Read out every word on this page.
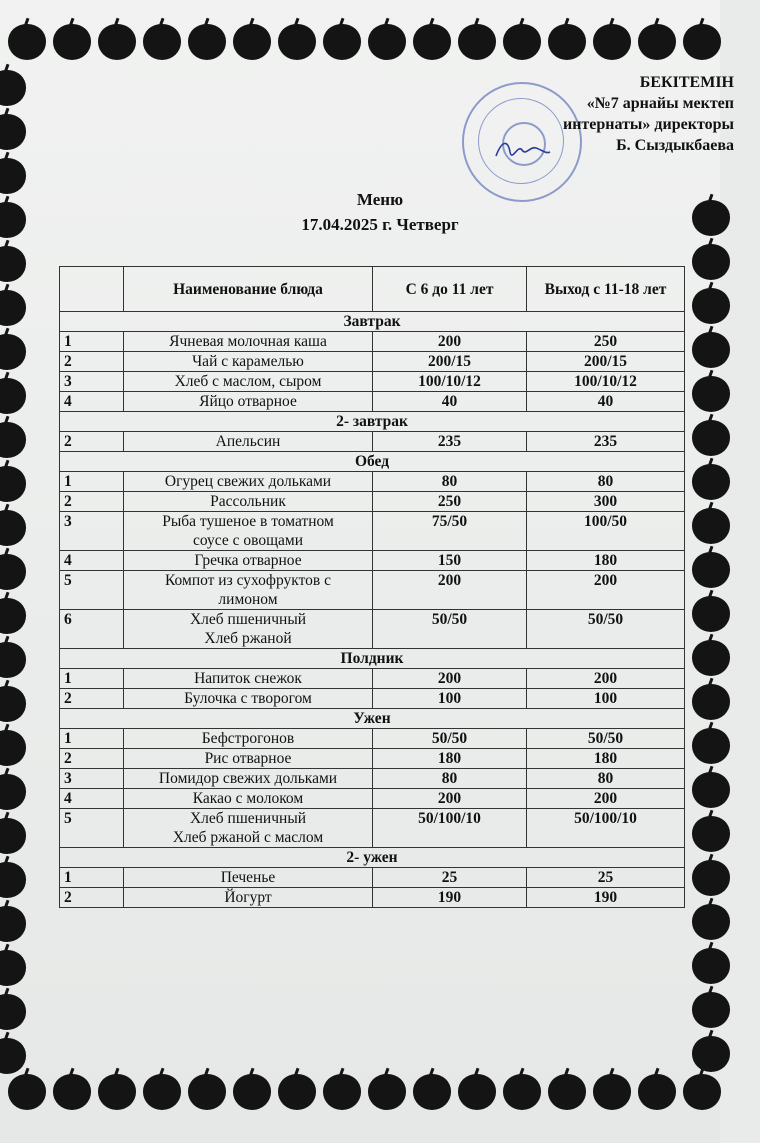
БЕКІТЕМІН
«№7 арнайы мектеп
интернаты» директоры
Б. Сыздыкбаева
Меню
17.04.2025 г. Четверг
	Наименование блюда	С 6 до 11 лет	Выход с 11-18 лет
Завтрак			
1	Ячневая молочная каша	200	250
2	Чай с карамелью	200/15	200/15
3	Хлеб с маслом, сыром	100/10/12	100/10/12
4	Яйцо отварное	40	40
2- завтрак			
2	Апельсин	235	235
Обед			
1	Огурец свежих дольками	80	80
2	Рассольник	250	300
3	Рыба тушеное в томатном
соусе с овощами	75/50	100/50
4	Гречка отварное	150	180
5	Компот из сухофруктов с
лимоном	200	200
6	Хлеб пшеничный
Хлеб ржаной	50/50	50/50
Полдник			
1	Напиток снежок	200	200
2	Булочка с творогом	100	100
Ужен			
1	Бефстрогонов	50/50	50/50
2	Рис отварное	180	180
3	Помидор свежих дольками	80	80
4	Какао с молоком	200	200
5	Хлеб пшеничный
Хлеб ржаной с маслом	50/100/10	50/100/10
2- ужен			
1	Печенье	25	25
2	Йогурт	190	190
